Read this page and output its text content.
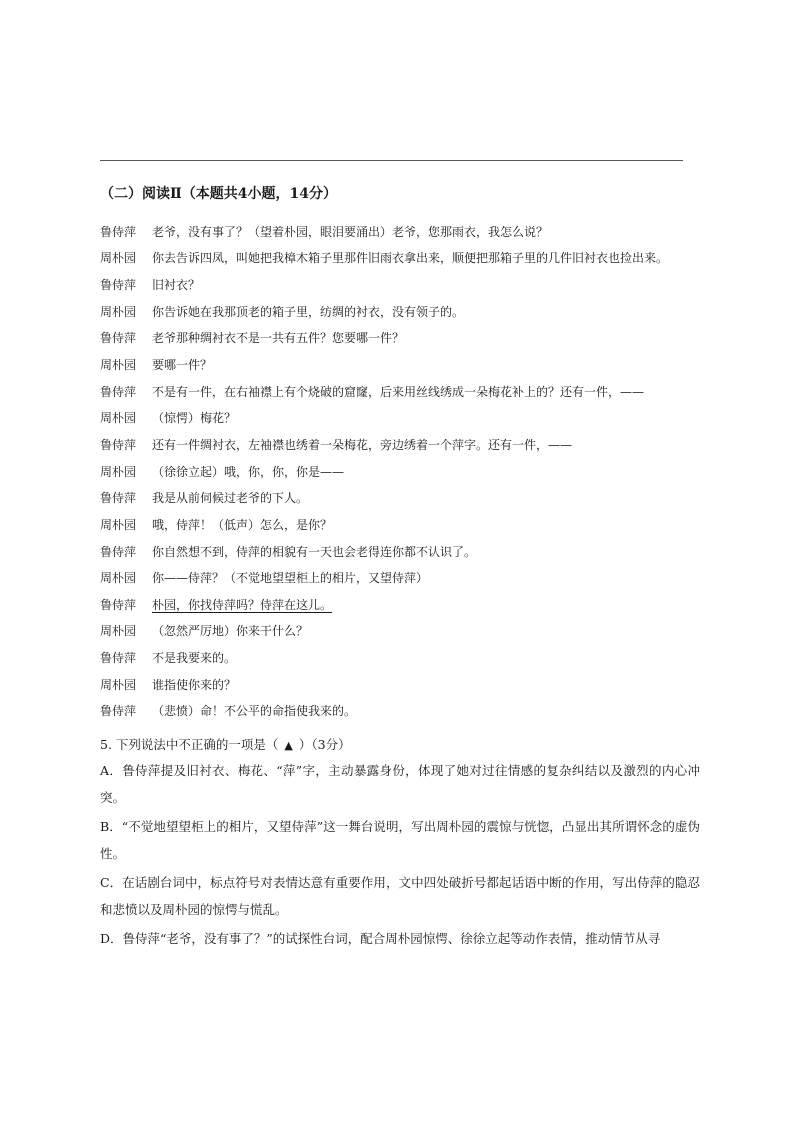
（二）阅读Ⅱ（本题共4小题，14分）
鲁侍萍	老爷，没有事了？（望着朴园，眼泪要涌出）老爷，您那雨衣，我怎么说？
周朴园	你去告诉四凤，叫她把我樟木箱子里那件旧雨衣拿出来，顺便把那箱子里的几件旧衬衣也捡出来。
鲁侍萍	旧衬衣？
周朴园	你告诉她在我那顶老的箱子里，纺绸的衬衣，没有领子的。
鲁侍萍	老爷那种绸衬衣不是一共有五件？您要哪一件？
周朴园	要哪一件？
鲁侍萍	不是有一件，在右袖襟上有个烧破的窟窿，后来用丝线绣成一朵梅花补上的？还有一件，——
周朴园	（惊愕）梅花？
鲁侍萍	还有一件绸衬衣，左袖襟也绣着一朵梅花，旁边绣着一个萍字。还有一件，——
周朴园	（徐徐立起）哦，你，你，你是——
鲁侍萍	我是从前伺候过老爷的下人。
周朴园	哦，侍萍！（低声）怎么，是你？
鲁侍萍	你自然想不到，侍萍的相貌有一天也会老得连你都不认识了。
周朴园	你——侍萍？（不觉地望望柜上的相片，又望侍萍）
鲁侍萍	朴园，你找侍萍吗？侍萍在这儿。
周朴园	（忽然严厉地）你来干什么？
鲁侍萍	不是我要来的。
周朴园	谁指使你来的？
鲁侍萍	（悲愤）命！不公平的命指使我来的。
5. 下列说法中不正确的一项是（ ▲ ）（3分）
A．鲁侍萍提及旧衬衣、梅花、“萍”字，主动暴露身份，体现了她对过往情感的复杂纠结以及激烈的内心冲突。
B．“不觉地望望柜上的相片，又望侍萍”这一舞台说明，写出周朴园的震惊与恍惚，凸显出其所谓怀念的虚伪性。
C．在话剧台词中，标点符号对表情达意有重要作用，文中四处破折号都起话语中断的作用，写出侍萍的隐忍和悲愤以及周朴园的惊愕与慌乱。
D．鲁侍萍“老爷，没有事了？”的试探性台词，配合周朴园惊愕、徐徐立起等动作表情，推动情节从寻
